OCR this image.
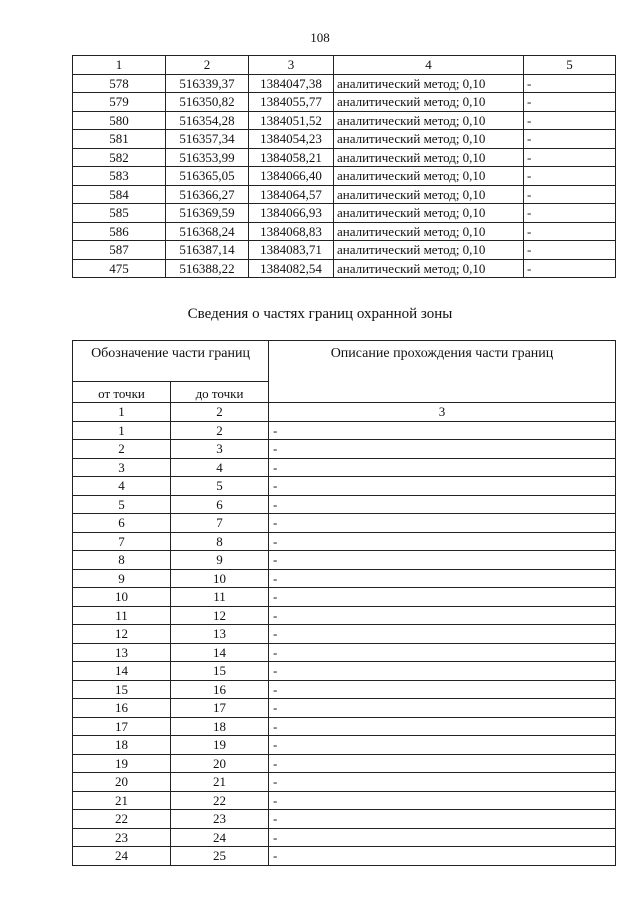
108
1	2	3	4	5
578	516339,37	1384047,38	аналитический метод; 0,10	-
579	516350,82	1384055,77	аналитический метод; 0,10	-
580	516354,28	1384051,52	аналитический метод; 0,10	-
581	516357,34	1384054,23	аналитический метод; 0,10	-
582	516353,99	1384058,21	аналитический метод; 0,10	-
583	516365,05	1384066,40	аналитический метод; 0,10	-
584	516366,27	1384064,57	аналитический метод; 0,10	-
585	516369,59	1384066,93	аналитический метод; 0,10	-
586	516368,24	1384068,83	аналитический метод; 0,10	-
587	516387,14	1384083,71	аналитический метод; 0,10	-
475	516388,22	1384082,54	аналитический метод; 0,10	-
Сведения о частях границ охранной зоны
Обозначение части границ		Описание прохождения части границ
от точки	до точки	
1	2	3
1	2	-
2	3	-
3	4	-
4	5	-
5	6	-
6	7	-
7	8	-
8	9	-
9	10	-
10	11	-
11	12	-
12	13	-
13	14	-
14	15	-
15	16	-
16	17	-
17	18	-
18	19	-
19	20	-
20	21	-
21	22	-
22	23	-
23	24	-
24	25	-
